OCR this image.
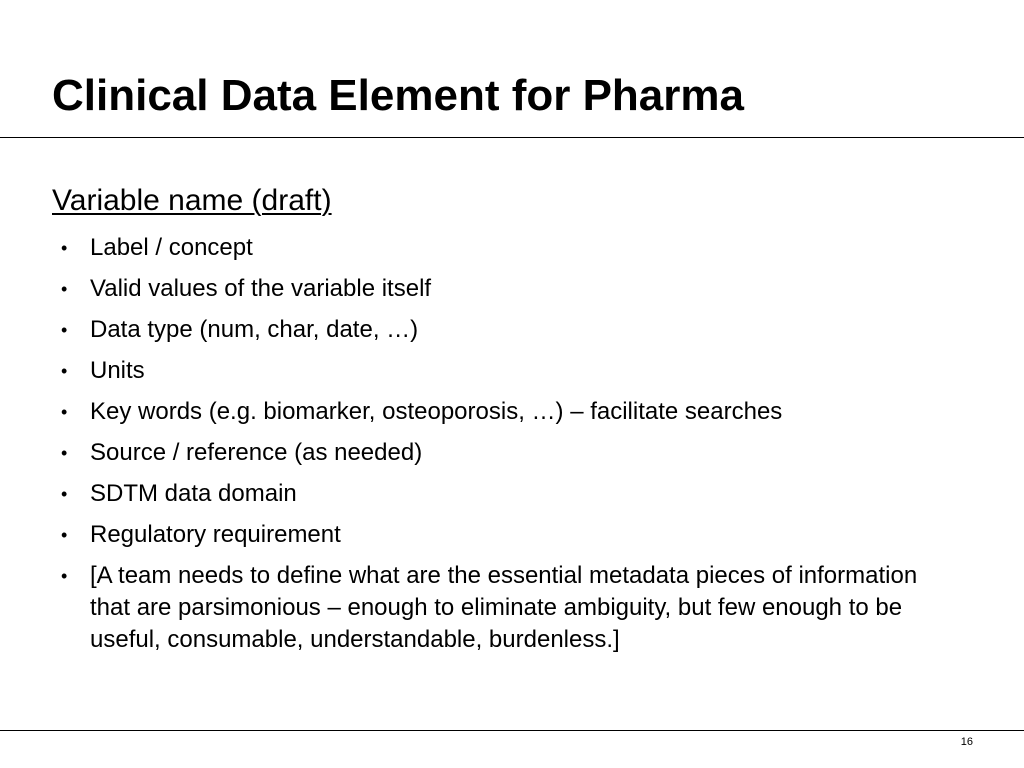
Clinical Data Element for Pharma
Variable name (draft)
• Label / concept
• Valid values of the variable itself
• Data type (num, char, date, …)
• Units
• Key words (e.g. biomarker, osteoporosis, …) – facilitate searches
• Source / reference (as needed)
• SDTM data domain
• Regulatory requirement
• [A team needs to define what are the essential metadata pieces of information that are parsimonious – enough to eliminate ambiguity, but few enough to be useful, consumable, understandable, burdenless.]
16
